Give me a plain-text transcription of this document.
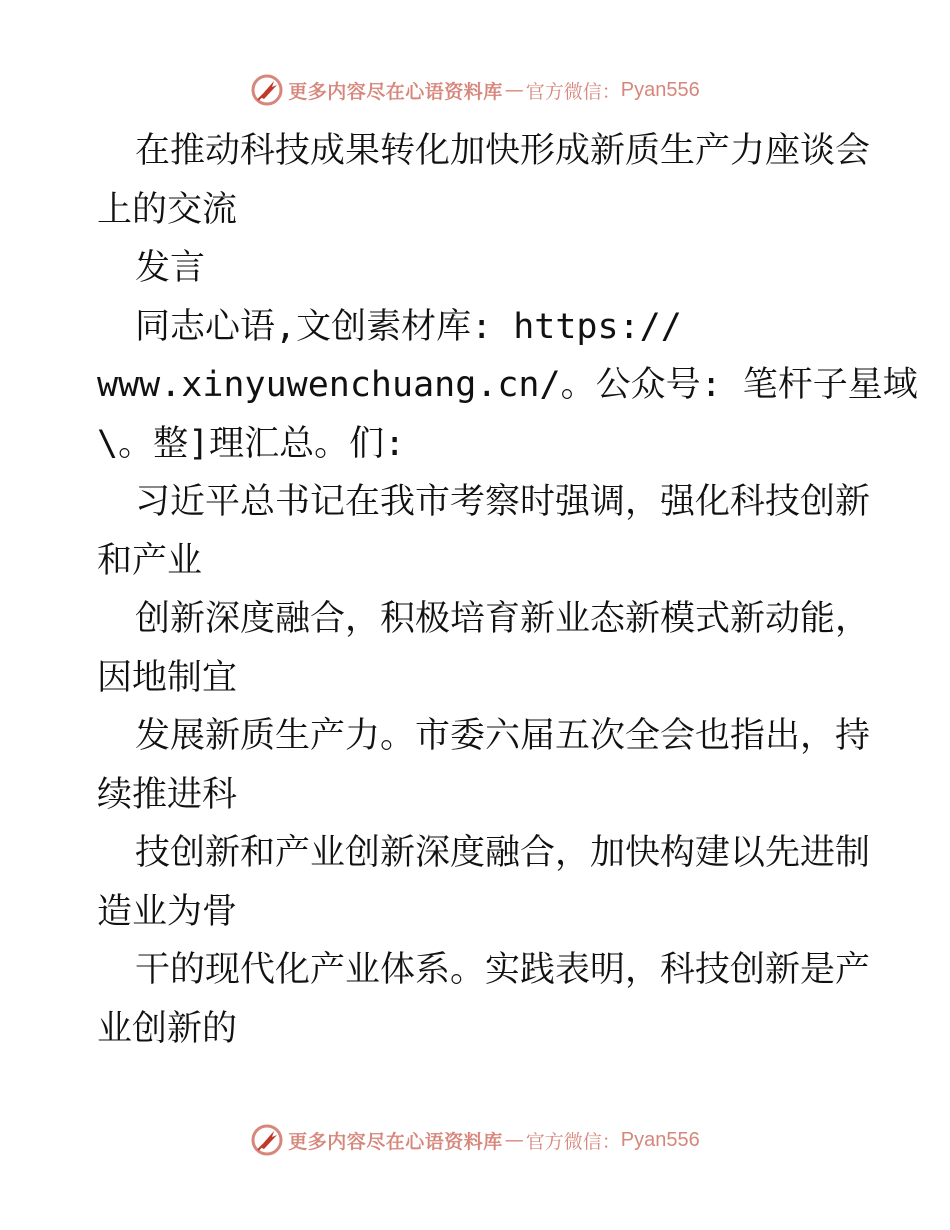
更多内容尽在心语资料库 — 官方微信： Pyan556
在推动科技成果转化加快形成新质生产力座谈会
上的交流
发言
同志心语,文创素材库: https://
www.xinyuwenchuang.cn/。公众号: 笔杆子星域
\。整]理汇总。们:
习近平总书记在我市考察时强调，强化科技创新
和产业
创新深度融合，积极培育新业态新模式新动能，
因地制宜
发展新质生产力。市委六届五次全会也指出，持
续推进科
技创新和产业创新深度融合，加快构建以先进制
造业为骨
干的现代化产业体系。实践表明，科技创新是产
业创新的
更多内容尽在心语资料库 — 官方微信： Pyan556
